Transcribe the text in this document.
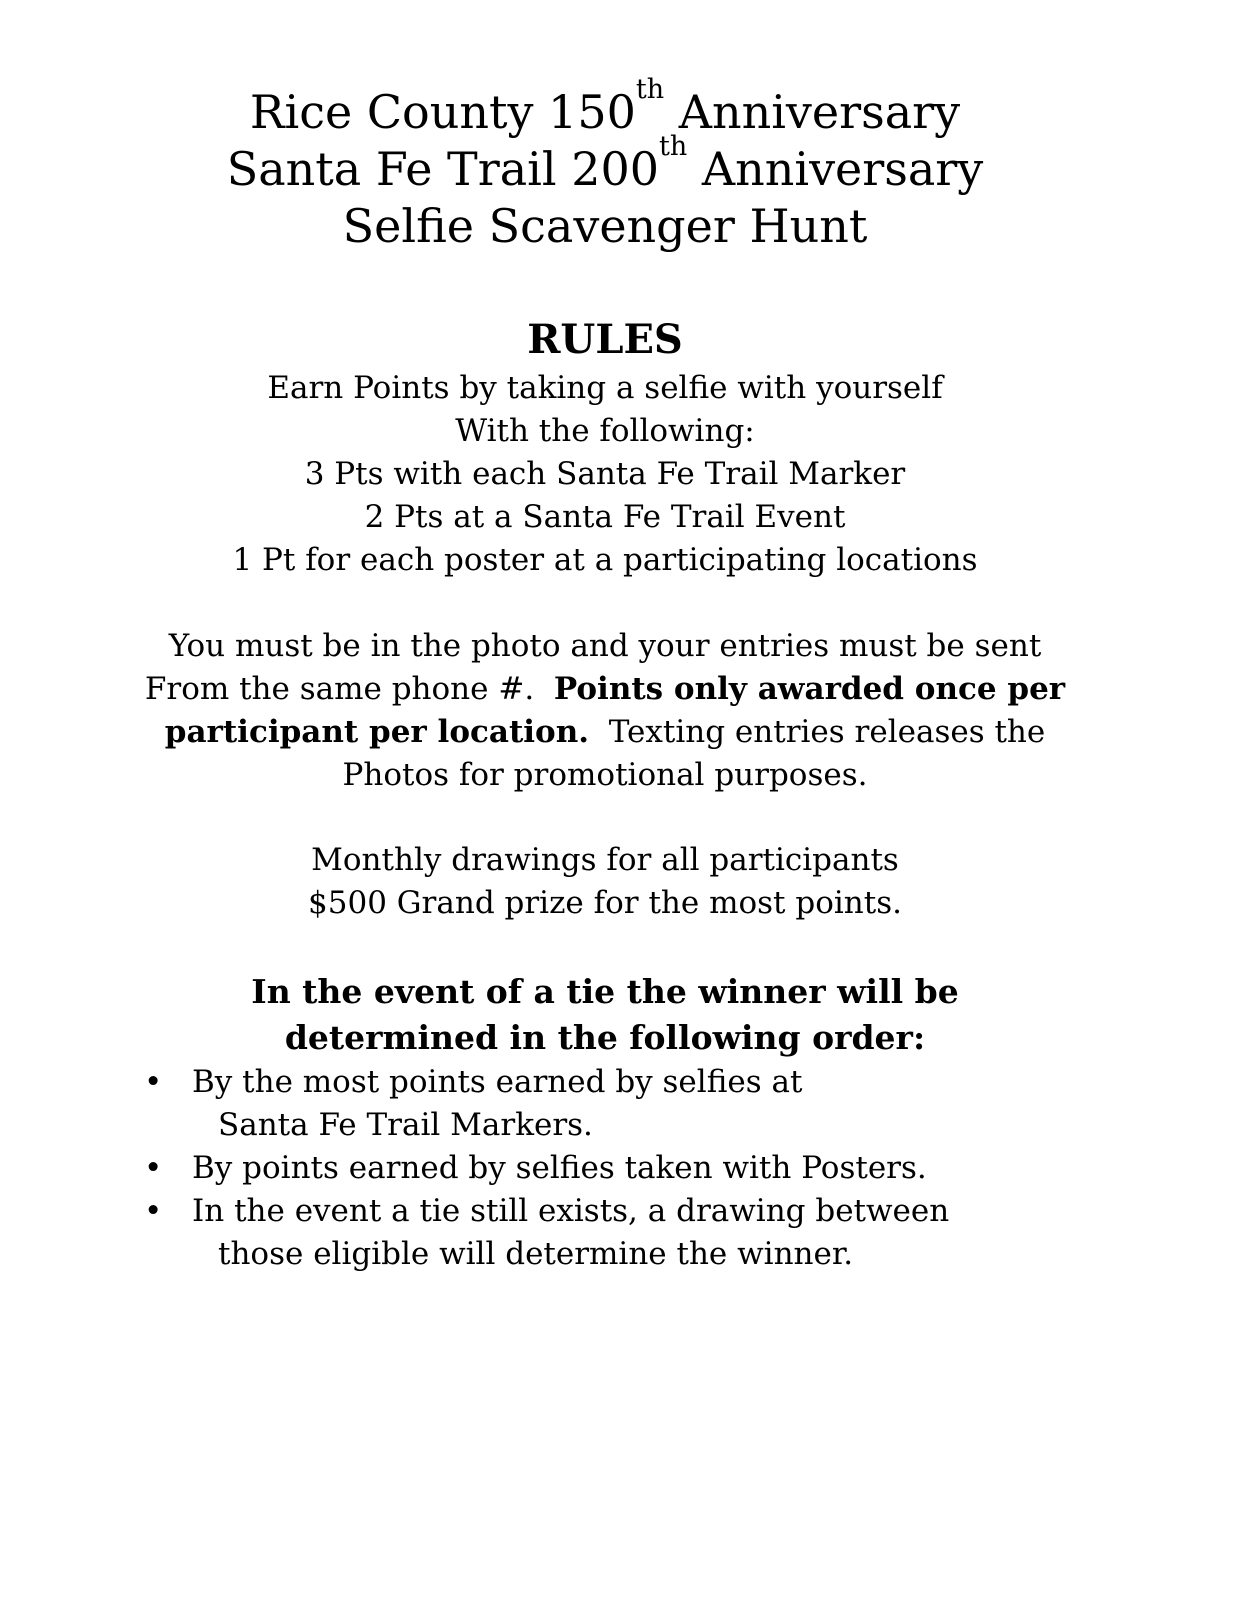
Rice County 150th Anniversary
Santa Fe Trail 200th Anniversary
Selfie Scavenger Hunt
RULES
Earn Points by taking a selfie with yourself
With the following:
3 Pts with each Santa Fe Trail Marker
2 Pts at a Santa Fe Trail Event
1 Pt for each poster at a participating locations
You must be in the photo and your entries must be sent
From the same phone #.  Points only awarded once per
participant per location.  Texting entries releases the
Photos for promotional purposes.
Monthly drawings for all participants
$500 Grand prize for the most points.
In the event of a tie the winner will be
determined in the following order:
• By the most points earned by selfies at
Santa Fe Trail Markers.
• By points earned by selfies taken with Posters.
• In the event a tie still exists, a drawing between
those eligible will determine the winner.
